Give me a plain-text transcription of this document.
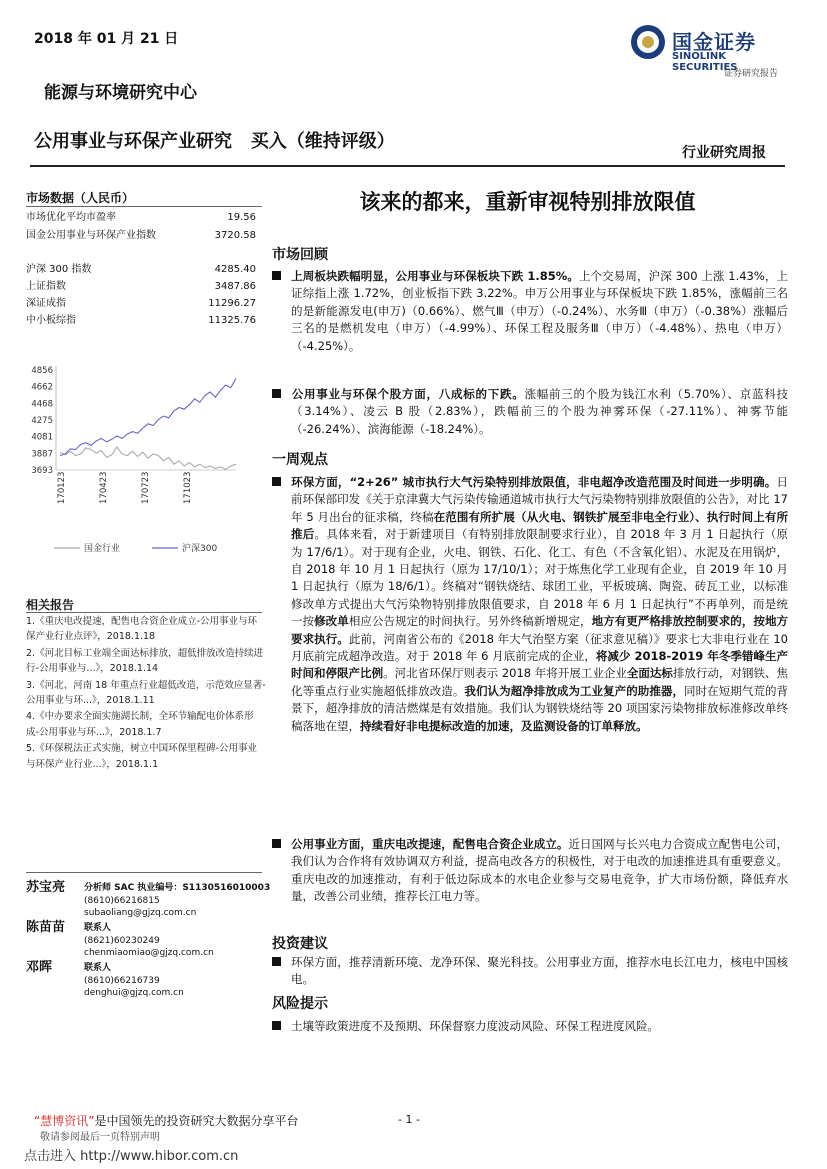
2018 年 01 月 21 日	国金证券
SINOLINK SECURITIES
证券研究报告
能源与环境研究中心
公用事业与环保产业研究   买入（维持评级）
行业研究周报
市场数据（人民币）
市场优化平均市盈率	19.56
国金公用事业与环保产业指数	3720.58
沪深 300 指数	4285.40
上证指数	3487.86
深证成指	11296.27
中小板综指	11325.76
4856
4662
4468
4275
4081
3887
3693
170123	170423	170723	171023
国金行业	沪深300
相关报告

1.《重庆电改提速，配售电合资企业成立-公用事业与环保产业行业点评》，2018.1.18

2.《河北目标工业端全面达标排放，超低排放改造持续进行-公用事业与...》，2018.1.14

3.《河北、河南 18 年重点行业超低改造，示范效应显著-公用事业与环...》，2018.1.11

4.《中办要求全面实施湖长制，全环节输配电价体系形成-公用事业与环...》，2018.1.7

5.《环保税法正式实施，树立中国环保里程碑-公用事业与环保产业行业...》，2018.1.1

苏宝亮 分析师 SAC 执业编号：S1130516010003
(8610)66216815
subaoliang@gjzq.com.cn
陈苗苗 联系人
(8621)60230249
chenmiaomiao@gjzq.com.cn
邓晖	联系人
(8610)66216739
denghui@gjzq.com.cn
该来的都来，重新审视特别排放限值
市场回顾
上周板块跌幅明显，公用事业与环保板块下跌 1.85%。上个交易周，沪深 300 上涨 1.43%，上证综指上涨 1.72%，创业板指下跌 3.22%。申万公用事业与环保板块下跌 1.85%，涨幅前三名的是新能源发电(申万)（0.66%）、燃气Ⅲ（申万）（-0.24%）、水务Ⅲ（申万）（-0.38%）涨幅后三名的是燃机发电（申万）（-4.99%）、环保工程及服务Ⅲ（申万）（-4.48%）、热电（申万）（-4.25%）。
公用事业与环保个股方面，八成标的下跌。涨幅前三的个股为钱江水利（5.70%）、京蓝科技（3.14%）、凌云 B 股（2.83%），跌幅前三的个股为神雾环保（-27.11%）、神雾节能（-26.24%）、滨海能源（-18.24%）。
一周观点
环保方面，“2+26” 城市执行大气污染特别排放限值，非电超净改造范围及时间进一步明确。日前环保部印发《关于京津冀大气污染传输通道城市执行大气污染物特别排放限值的公告》，对比 17 年 5 月出台的征求稿，终稿在范围有所扩展（从火电、钢铁扩展至非电全行业）、执行时间上有所推后。具体来看，对于新建项目（有特别排放限制要求行业），自 2018 年 3 月 1 日起执行（原为 17/6/1）。对于现有企业，火电、钢铁、石化、化工、有色（不含氧化铝）、水泥及在用锅炉，自 2018 年 10 月 1 日起执行（原为 17/10/1）；对于炼焦化学工业现有企业，自 2019 年 10 月 1 日起执行（原为 18/6/1）。终稿对“钢铁烧结、球团工业，平板玻璃、陶瓷、砖瓦工业，以标准修改单方式提出大气污染物特别排放限值要求，自 2018 年 6 月 1 日起执行”不再单列，而是统一按修改单相应公告规定的时间执行。另外终稿新增规定，地方有更严格排放控制要求的，按地方要求执行。此前，河南省公布的《2018 年大气治堅方案（征求意见稿）》要求七大非电行业在 10 月底前完成超净改造。对于 2018 年 6 月底前完成的企业，将减少 2018-2019 年冬季错峰生产时间和停限产比例。河北省环保厅则表示 2018 年将开展工业企业全面达标排放行动，对钢铁、焦化等重点行业实施超低排放改造。我们认为超净排放成为工业复产的助推器，同时在短期气荒的背景下，超净排放的清洁燃煤是有效措施。我们认为钢铁烧结等 20 项国家污染物排放标准修改单终稿落地在望，持续看好非电提标改造的加速，及监测设备的订单释放。
公用事业方面，重庆电改提速，配售电合资企业成立。近日国网与长兴电力合资成立配售电公司，我们认为合作将有效协调双方利益，提高电改各方的积极性，对于电改的加速推进具有重要意义。重庆电改的加速推动，有利于低边际成本的水电企业参与交易电竞争，扩大市场份额，降低弃水量，改善公司业绩，推荐长江电力等。
投资建议
环保方面，推荐清新环境、龙净环保、聚光科技。公用事业方面，推荐水电长江电力，核电中国核电。
风险提示
土壤等政策进度不及预期、环保督察力度波动风险、环保工程进度风险。
“慧博资讯”是中国领先的投资研究大数据分享平台	- 1 -
敬请参阅最后一页特别声明
点击进入 http://www.hibor.com.cn
